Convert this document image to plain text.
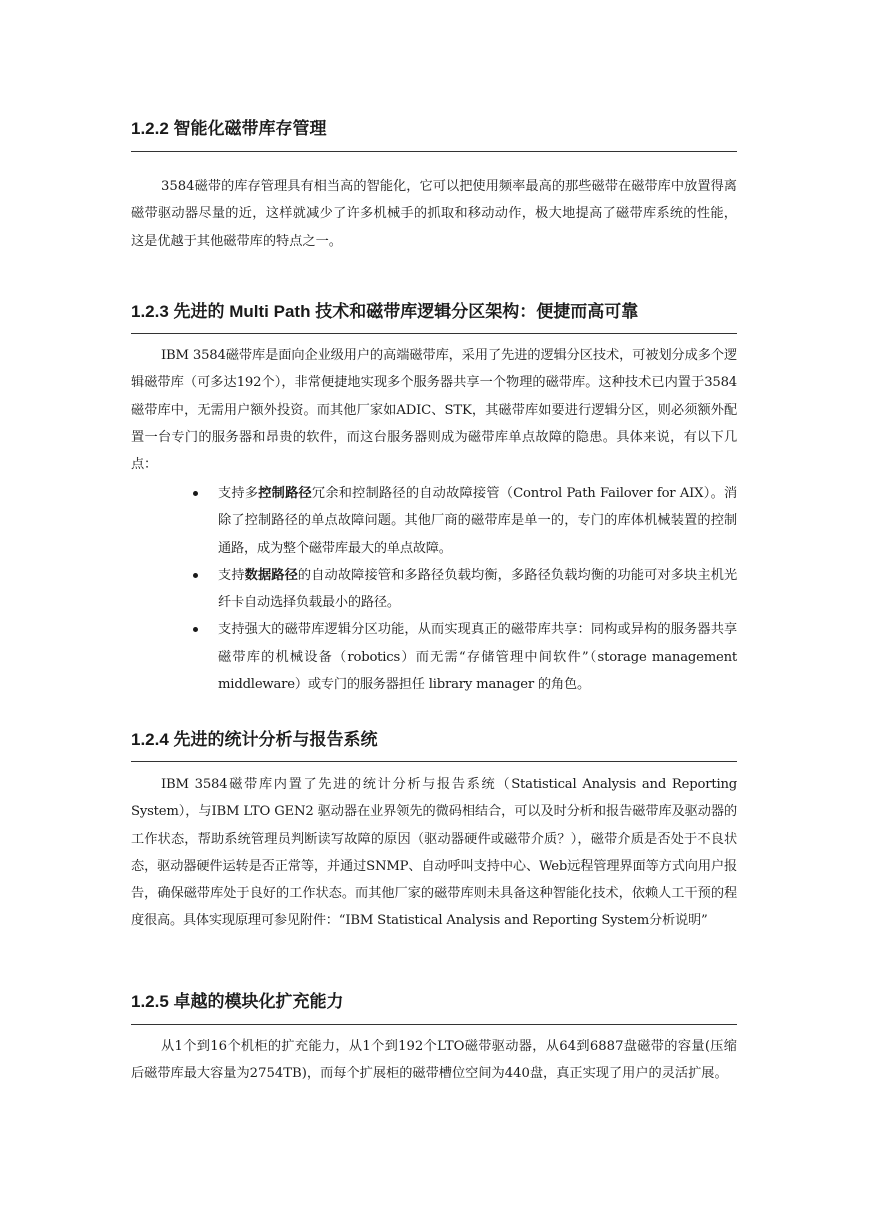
1.2.2 智能化磁带库存管理

3584磁带的库存管理具有相当高的智能化，它可以把使用频率最高的那些磁带在磁带库中放置得离磁带驱动器尽量的近，这样就减少了许多机械手的抓取和移动动作，极大地提高了磁带库系统的性能，这是优越于其他磁带库的特点之一。

1.2.3 先进的 Multi Path 技术和磁带库逻辑分区架构：便捷而高可靠

IBM 3584磁带库是面向企业级用户的高端磁带库，采用了先进的逻辑分区技术，可被划分成多个逻辑磁带库（可多达192个），非常便捷地实现多个服务器共享一个物理的磁带库。这种技术已内置于3584磁带库中，无需用户额外投资。而其他厂家如ADIC、STK，其磁带库如要进行逻辑分区，则必须额外配置一台专门的服务器和昂贵的软件，而这台服务器则成为磁带库单点故障的隐患。具体来说，有以下几点：

支持多控制路径冗余和控制路径的自动故障接管（Control Path Failover for AIX）。消除了控制路径的单点故障问题。其他厂商的磁带库是单一的，专门的库体机械装置的控制通路，成为整个磁带库最大的单点故障。
支持数据路径的自动故障接管和多路径负载均衡，多路径负载均衡的功能可对多块主机光纤卡自动选择负载最小的路径。
支持强大的磁带库逻辑分区功能，从而实现真正的磁带库共享：同构或异构的服务器共享磁带库的机械设备（robotics）而无需“存储管理中间软件”（storage management middleware）或专门的服务器担任 library manager 的角色。
1.2.4 先进的统计分析与报告系统

IBM 3584磁带库内置了先进的统计分析与报告系统（Statistical Analysis and Reporting System），与IBM LTO GEN2 驱动器在业界领先的微码相结合，可以及时分析和报告磁带库及驱动器的工作状态，帮助系统管理员判断读写故障的原因（驱动器硬件或磁带介质？），磁带介质是否处于不良状态，驱动器硬件运转是否正常等，并通过SNMP、自动呼叫支持中心、Web远程管理界面等方式向用户报告，确保磁带库处于良好的工作状态。而其他厂家的磁带库则未具备这种智能化技术，依赖人工干预的程度很高。具体实现原理可参见附件：“IBM Statistical Analysis and Reporting System分析说明”

1.2.5 卓越的模块化扩充能力

从1个到16个机柜的扩充能力，从1个到192个LTO磁带驱动器，从64到6887盘磁带的容量(压缩后磁带库最大容量为2754TB)，而每个扩展柜的磁带槽位空间为440盘，真正实现了用户的灵活扩展。
